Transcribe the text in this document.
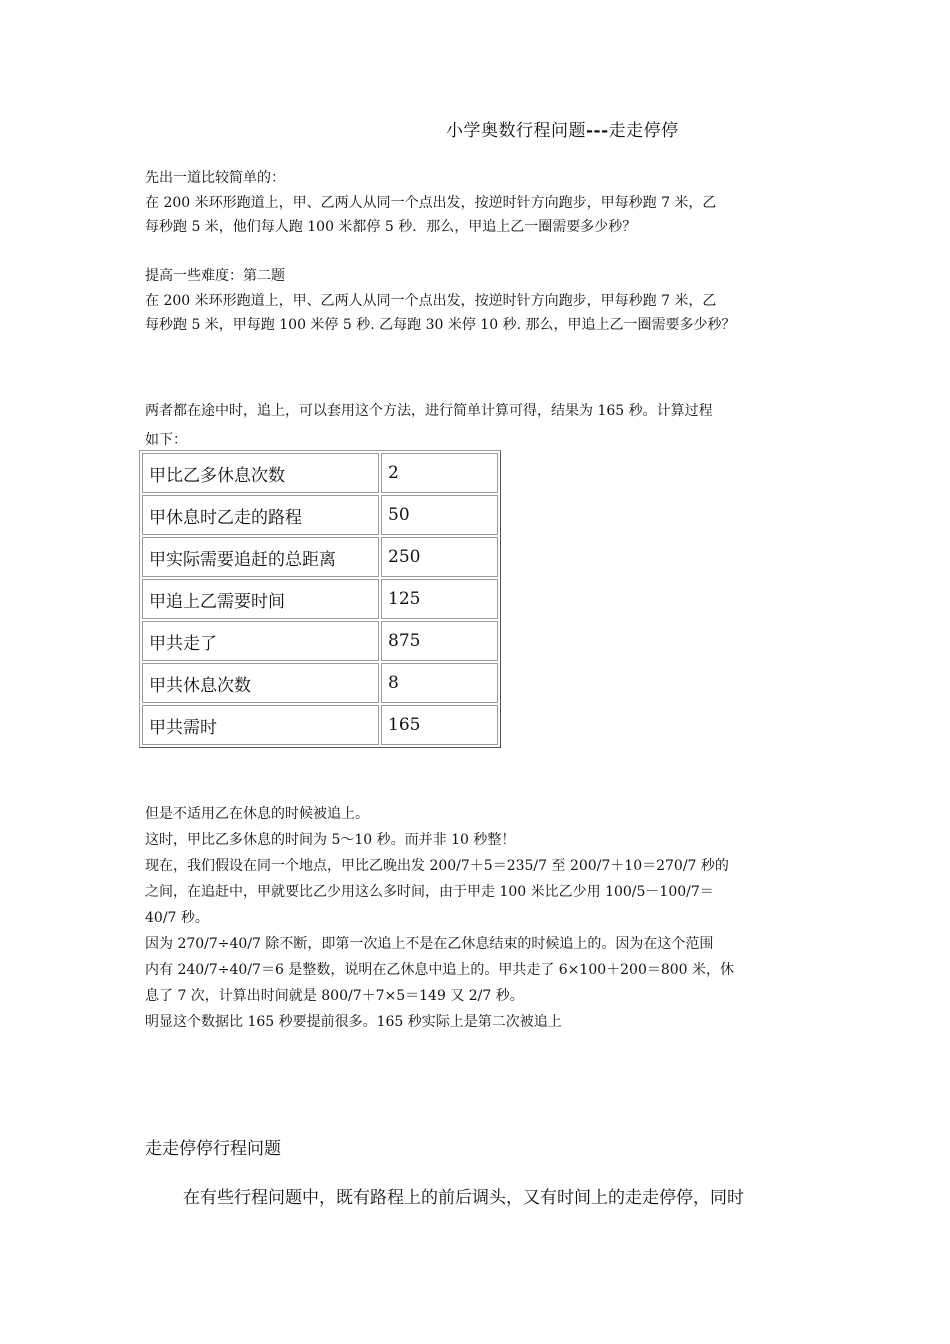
小学奥数行程问题---走走停停
先出一道比较简单的：
在 200 米环形跑道上，甲、乙两人从同一个点出发，按逆时针方向跑步，甲每秒跑 7 米，乙
每秒跑 5 米，他们每人跑 100 米都停 5 秒．那么，甲追上乙一圈需要多少秒？
提高一些难度：第二题
在 200 米环形跑道上，甲、乙两人从同一个点出发，按逆时针方向跑步，甲每秒跑 7 米，乙
每秒跑 5 米，甲每跑 100 米停 5 秒. 乙每跑 30 米停 10 秒. 那么，甲追上乙一圈需要多少秒？
两者都在途中时，追上，可以套用这个方法，进行简单计算可得，结果为 165 秒。计算过程
如下：
甲比乙多休息次数	2
甲休息时乙走的路程	50
甲实际需要追赶的总距离	250
甲追上乙需要时间	125
甲共走了	875
甲共休息次数	8
甲共需时	165
但是不适用乙在休息的时候被追上。
这时，甲比乙多休息的时间为 5～10 秒。而并非 10 秒整！
现在，我们假设在同一个地点，甲比乙晚出发 200/7＋5＝235/7 至 200/7＋10＝270/7 秒的
之间，在追赶中，甲就要比乙少用这么多时间，由于甲走 100 米比乙少用 100/5－100/7＝
40/7 秒。
因为 270/7÷40/7 除不断，即第一次追上不是在乙休息结束的时候追上的。因为在这个范围
内有 240/7÷40/7＝6 是整数，说明在乙休息中追上的。甲共走了 6×100＋200＝800 米，休
息了 7 次，计算出时间就是 800/7＋7×5＝149 又 2/7 秒。
明显这个数据比 165 秒要提前很多。165 秒实际上是第二次被追上
走走停停行程问题
在有些行程问题中，既有路程上的前后调头，又有时间上的走走停停，同时
